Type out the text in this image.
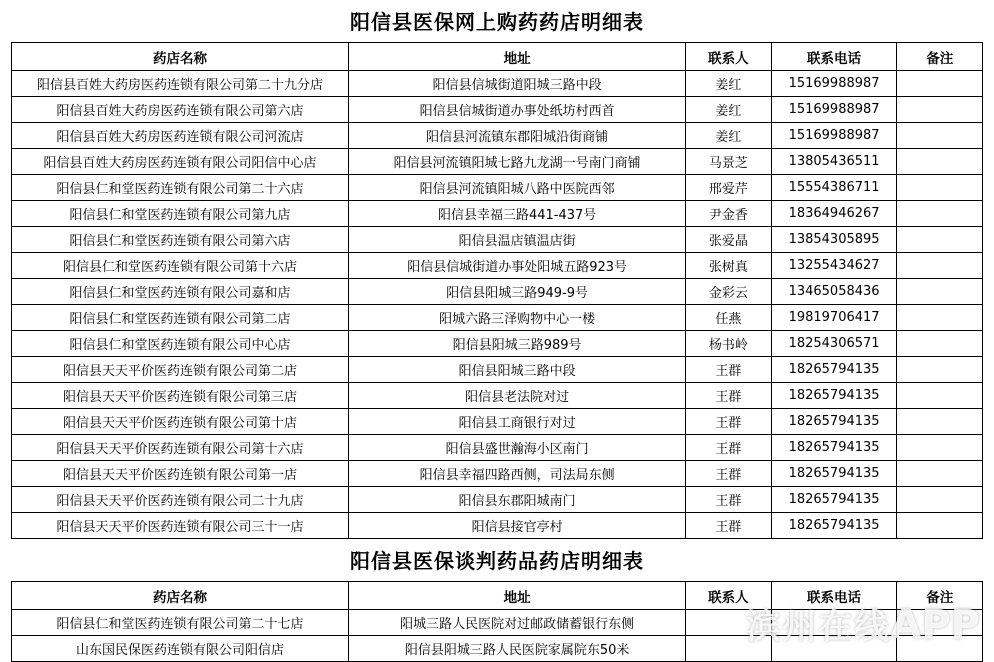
阳信县医保网上购药药店明细表
药店名称	地址	联系人	联系电话	备注
阳信县百姓大药房医药连锁有限公司第二十九分店	阳信县信城街道阳城三路中段	姜红	15169988987	
阳信县百姓大药房医药连锁有限公司第六店	阳信县信城街道办事处纸坊村西首	姜红	15169988987	
阳信县百姓大药房医药连锁有限公司河流店	阳信县河流镇东郡阳城沿街商铺	姜红	15169988987	
阳信县百姓大药房医药连锁有限公司阳信中心店	阳信县河流镇阳城七路九龙湖一号南门商铺	马景芝	13805436511	
阳信县仁和堂医药连锁有限公司第二十六店	阳信县河流镇阳城八路中医院西邻	邢爱芹	15554386711	
阳信县仁和堂医药连锁有限公司第九店	阳信县幸福三路441-437号	尹金香	18364946267	
阳信县仁和堂医药连锁有限公司第六店	阳信县温店镇温店街	张爱晶	13854305895	
阳信县仁和堂医药连锁有限公司第十六店	阳信县信城街道办事处阳城五路923号	张树真	13255434627	
阳信县仁和堂医药连锁有限公司嘉和店	阳信县阳城三路949-9号	金彩云	13465058436	
阳信县仁和堂医药连锁有限公司第二店	阳城六路三泽购物中心一楼	任燕	19819706417	
阳信县仁和堂医药连锁有限公司中心店	阳信县阳城三路989号	杨书岭	18254306571	
阳信县天天平价医药连锁有限公司第二店	阳信县阳城三路中段	王群	18265794135	
阳信县天天平价医药连锁有限公司第三店	阳信县老法院对过	王群	18265794135	
阳信县天天平价医药连锁有限公司第十店	阳信县工商银行对过	王群	18265794135	
阳信县天天平价医药连锁有限公司第十六店	阳信县盛世瀚海小区南门	王群	18265794135	
阳信县天天平价医药连锁有限公司第一店	阳信县幸福四路西侧，司法局东侧	王群	18265794135	
阳信县天天平价医药连锁有限公司二十九店	阳信县东郡阳城南门	王群	18265794135	
阳信县天天平价医药连锁有限公司三十一店	阳信县接官亭村	王群	18265794135	
阳信县医保谈判药品药店明细表
药店名称	地址	联系人	联系电话	备注
阳信县仁和堂医药连锁有限公司第二十七店	阳城三路人民医院对过邮政储蓄银行东侧			
山东国民保医药连锁有限公司阳信店	阳信县阳城三路人民医院家属院东50米			
滨州在线APP
